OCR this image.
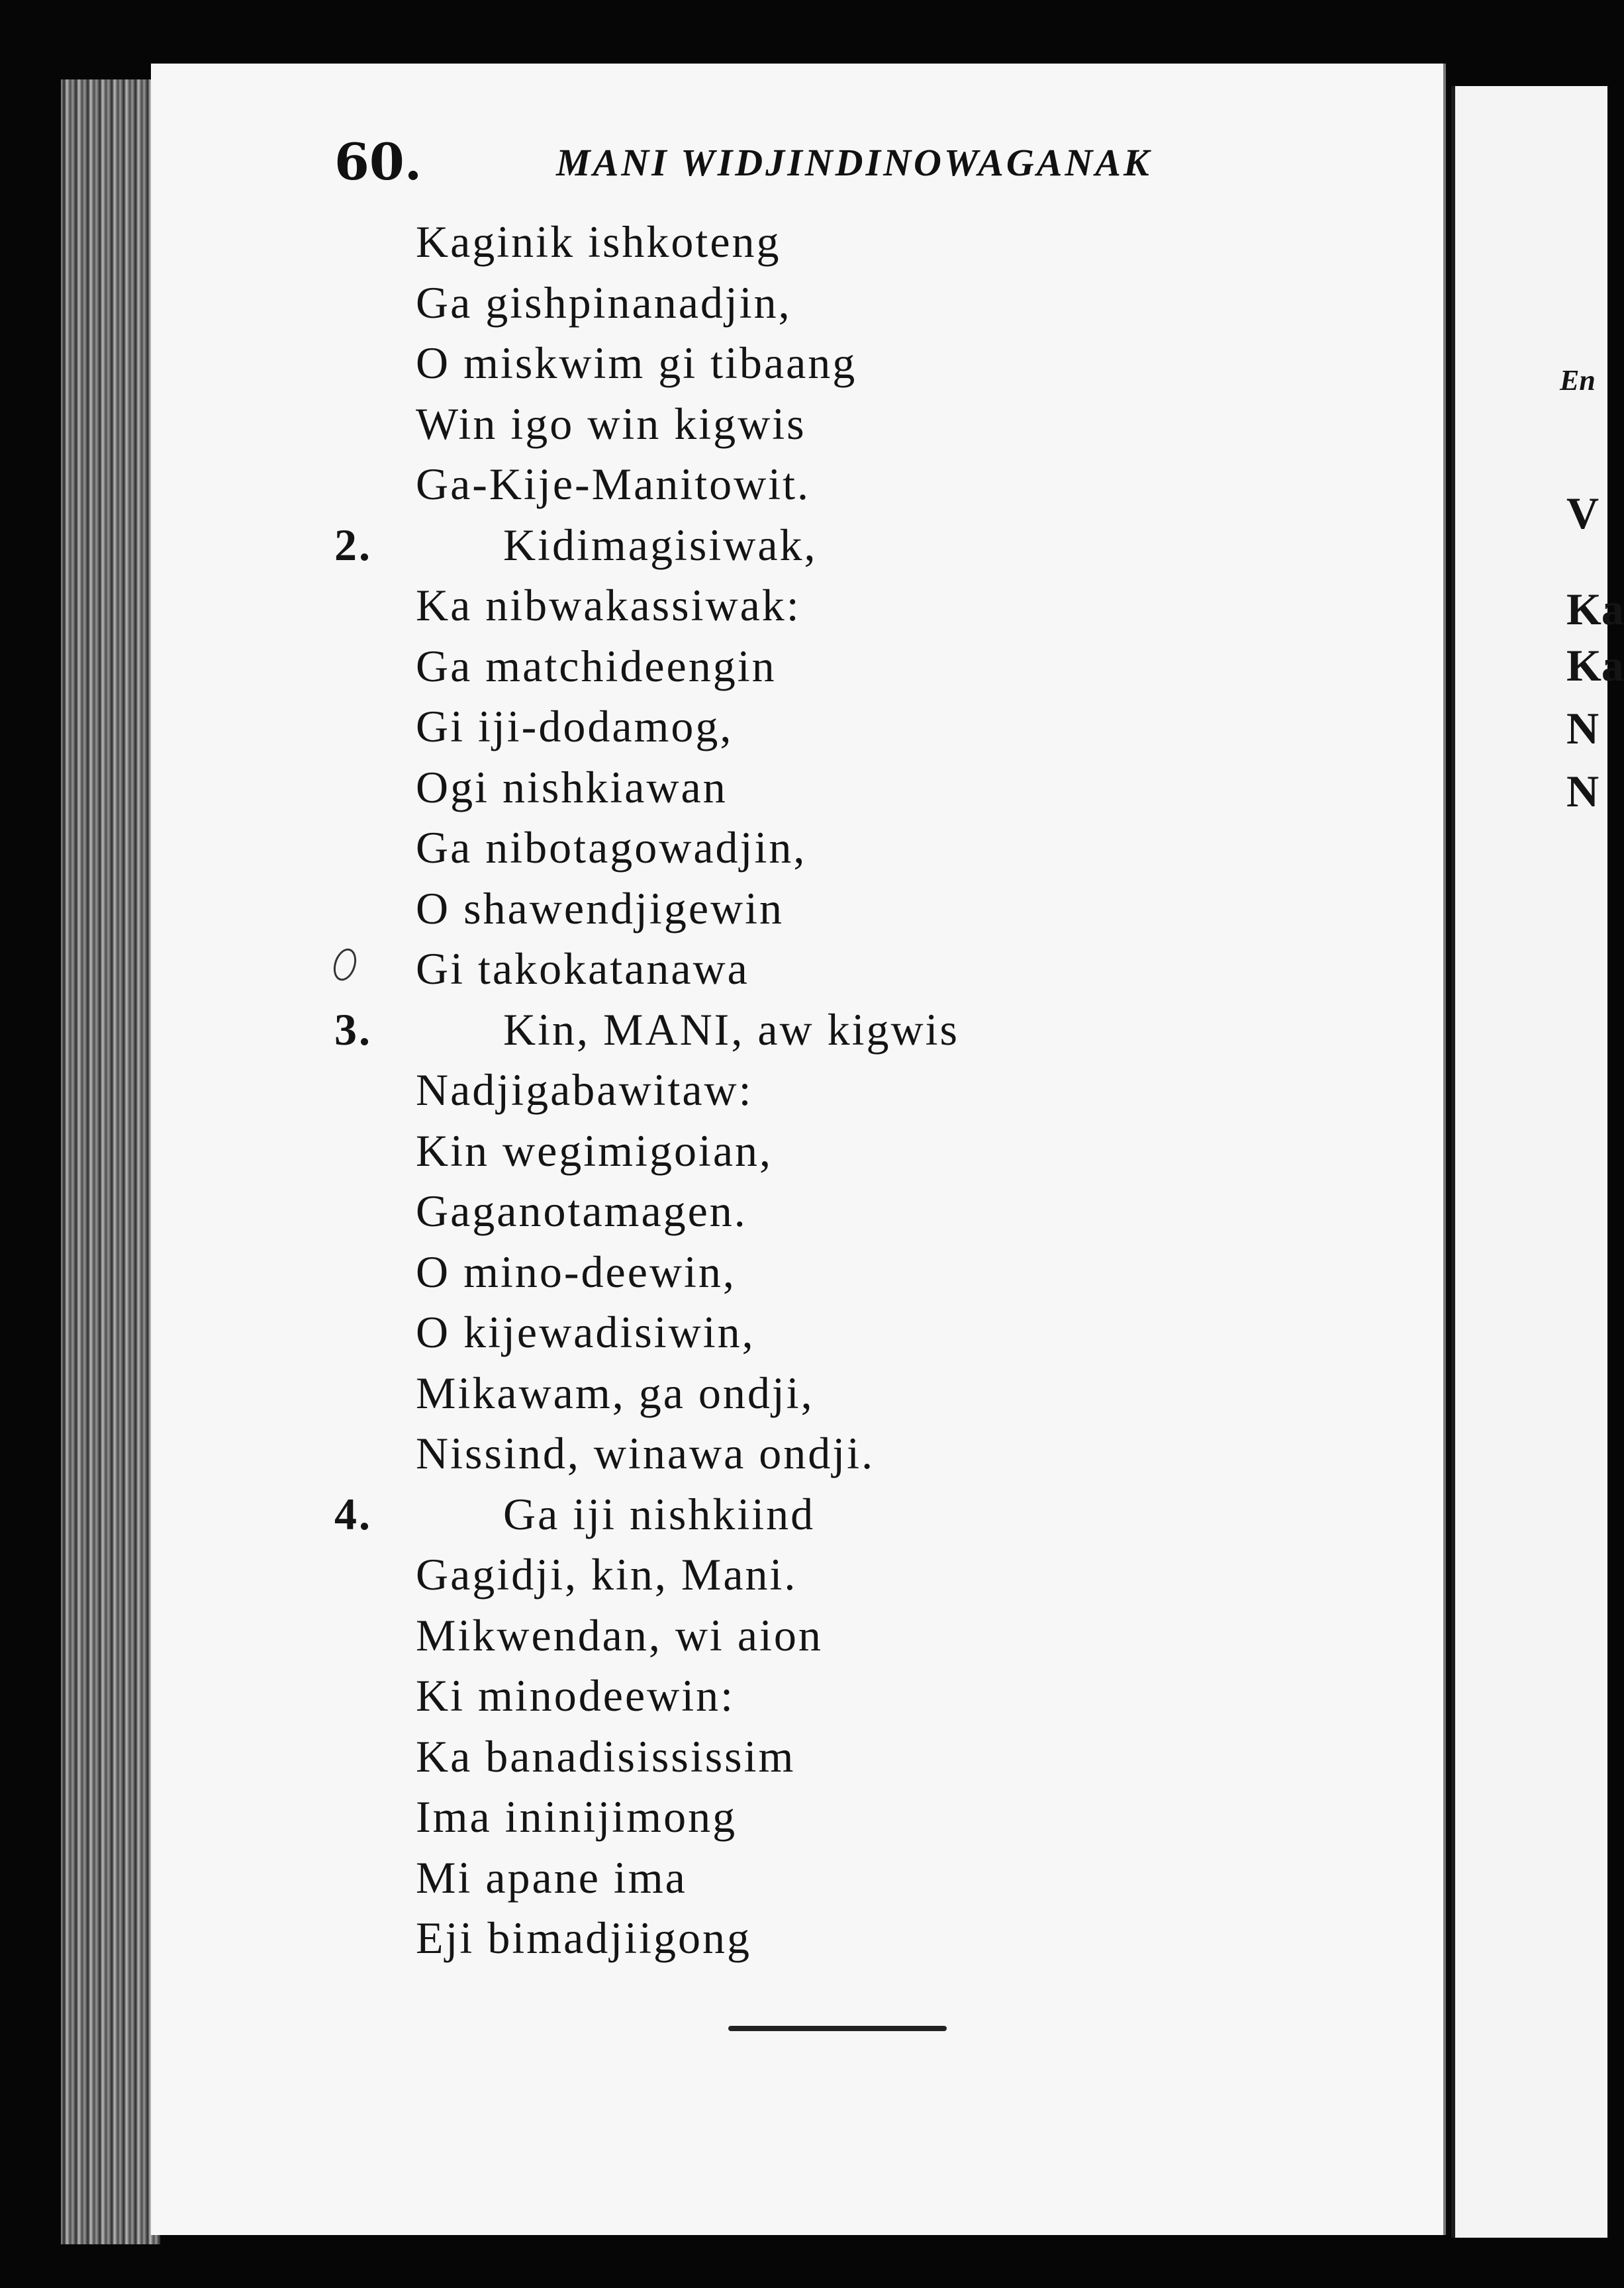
En
V
Ka
Ka
N
N
60.	MANI WIDJINDINOWAGANAK
Kaginik ishkoteng
Ga gishpinanadjin,
O miskwim gi tibaang
Win igo win kigwis
Ga-Kije-Manitowit.
2.	Kidimagisiwak,
Ka nibwakassiwak:
Ga matchideengin
Gi iji-dodamog,
Ogi nishkiawan
Ga nibotagowadjin,
O shawendjigewin
Gi takokatanawa
3.	Kin, MANI, aw kigwis
Nadjigabawitaw:
Kin wegimigoian,
Gaganotamagen.
O mino-deewin,
O kijewadisiwin,
Mikawam, ga ondji,
Nissind, winawa ondji.
4.	Ga iji nishkiind
Gagidji, kin, Mani.
Mikwendan, wi aion
Ki minodeewin:
Ka banadisississim
Ima ininijimong
Mi apane ima
Eji bimadjiigong
